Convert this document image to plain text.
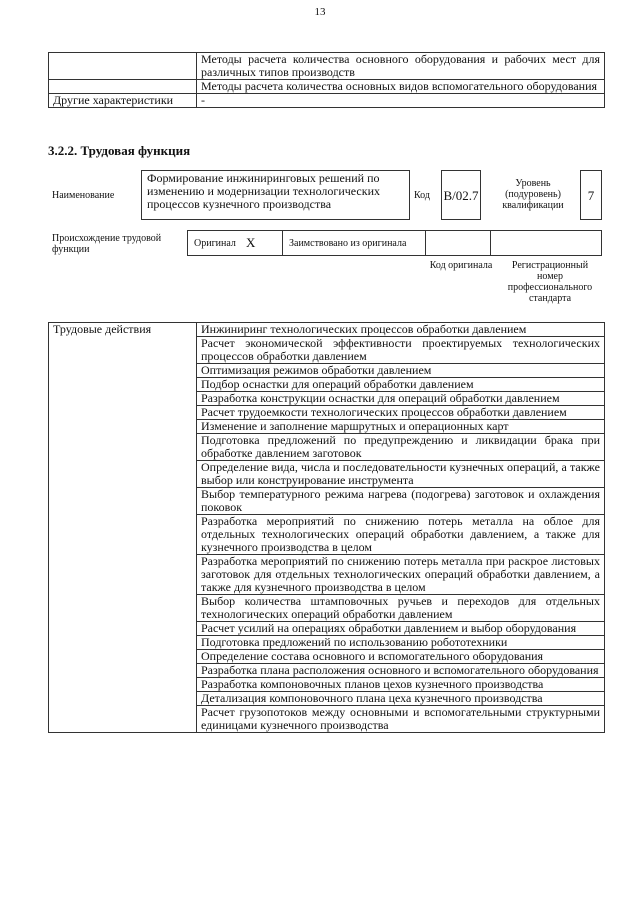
13
	Методы расчета количества основного оборудования и рабочих мест для различных типов производств
	Методы расчета количества основных видов вспомогательного оборудования
Другие характеристики	-
3.2.2. Трудовая функция
Наименование
Формирование инжиниринговых решений по изменению и модернизации технологических процессов кузнечного производства
Код B/02.7
Уровень (подуровень) квалификации
7
Происхождение трудовой функции
Оригинал X	Заимствовано из оригинала
Код оригинала	Регистрационный номер профессионального стандарта
Трудовые действия	Инжиниринг технологических процессов обработки давлением
Расчет экономической эффективности проектируемых технологических процессов обработки давлением
Оптимизация режимов обработки давлением
Подбор оснастки для операций обработки давлением
Разработка конструкции оснастки для операций обработки давлением
Расчет трудоемкости технологических процессов обработки давлением
Изменение и заполнение маршрутных и операционных карт
Подготовка предложений по предупреждению и ликвидации брака при обработке давлением заготовок
Определение вида, числа и последовательности кузнечных операций, а также выбор или конструирование инструмента
Выбор температурного режима нагрева (подогрева) заготовок и охлаждения поковок
Разработка мероприятий по снижению потерь металла на облое для отдельных технологических операций обработки давлением, а также для кузнечного производства в целом
Разработка мероприятий по снижению потерь металла при раскрое листовых заготовок для отдельных технологических операций обработки давлением, а также для кузнечного производства в целом
Выбор количества штамповочных ручьев и переходов для отдельных технологических операций обработки давлением
Расчет усилий на операциях обработки давлением и выбор оборудования
Подготовка предложений по использованию робототехники
Определение состава основного и вспомогательного оборудования
Разработка плана расположения основного и вспомогательного оборудования
Разработка компоновочных планов цехов кузнечного производства
Детализация компоновочного плана цеха кузнечного производства
Расчет грузопотоков между основными и вспомогательными структурными единицами кузнечного производства
